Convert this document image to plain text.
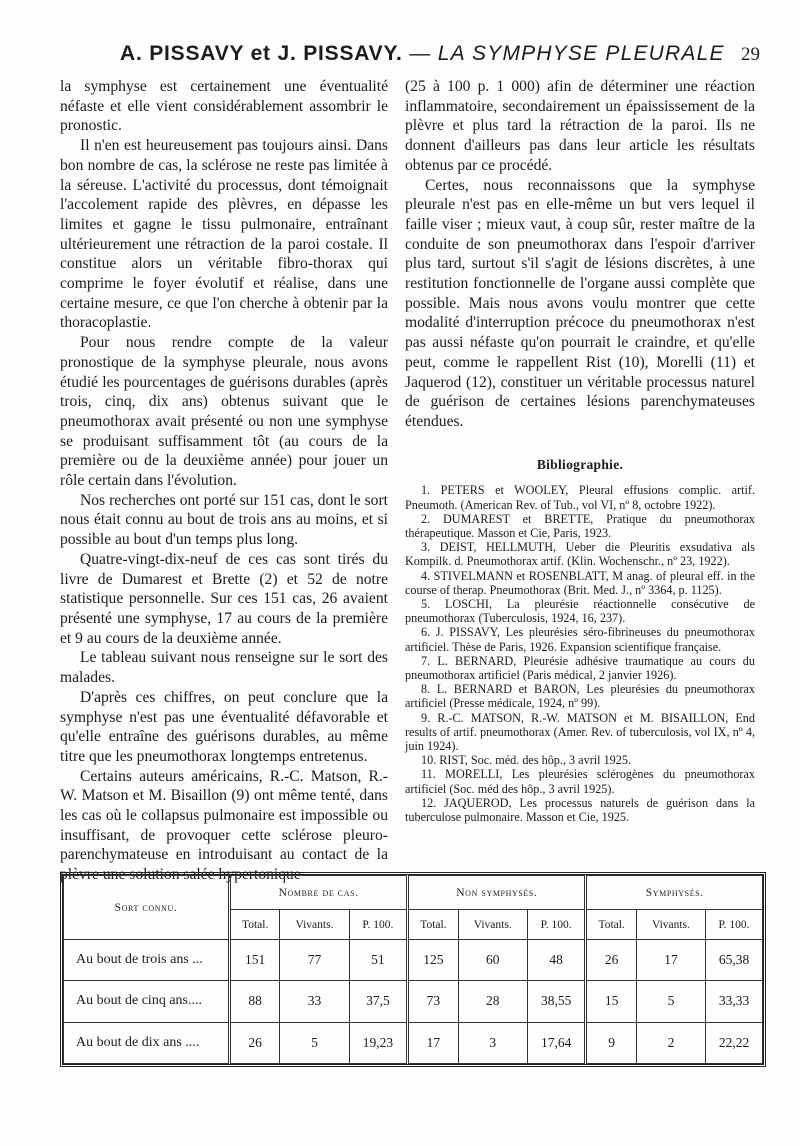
A. PISSAVY et J. PISSAVY. — LA SYMPHYSE PLEURALE 29

la symphyse est certainement une éventualité néfaste et elle vient considérablement assombrir le pronostic.

Il n'en est heureusement pas toujours ainsi. Dans bon nombre de cas, la sclérose ne reste pas limitée à la séreuse. L'activité du processus, dont témoignait l'accolement rapide des plèvres, en dépasse les limites et gagne le tissu pulmonaire, entraînant ultérieurement une rétraction de la paroi costale. Il constitue alors un véritable fibro-thorax qui comprime le foyer évolutif et réalise, dans une certaine mesure, ce que l'on cherche à obtenir par la thoracoplastie.

Pour nous rendre compte de la valeur pronostique de la symphyse pleurale, nous avons étudié les pourcentages de guérisons durables (après trois, cinq, dix ans) obtenus suivant que le pneumothorax avait présenté ou non une symphyse se produisant suffisamment tôt (au cours de la première ou de la deuxième année) pour jouer un rôle certain dans l'évolution.

Nos recherches ont porté sur 151 cas, dont le sort nous était connu au bout de trois ans au moins, et si possible au bout d'un temps plus long.

Quatre-vingt-dix-neuf de ces cas sont tirés du livre de Dumarest et Brette (2) et 52 de notre statistique personnelle. Sur ces 151 cas, 26 avaient présenté une symphyse, 17 au cours de la première et 9 au cours de la deuxième année.

Le tableau suivant nous renseigne sur le sort des malades.

D'après ces chiffres, on peut conclure que la symphyse n'est pas une éventualité défavorable et qu'elle entraîne des guérisons durables, au même titre que les pneumothorax longtemps entretenus.

Certains auteurs américains, R.-C. Matson, R.-W. Matson et M. Bisaillon (9) ont même tenté, dans les cas où le collapsus pulmonaire est impossible ou insuffisant, de provoquer cette sclérose pleuro-parenchymateuse en introduisant au contact de la plèvre une solution salée hypertonique

(25 à 100 p. 1 000) afin de déterminer une réaction inflammatoire, secondairement un épaississement de la plèvre et plus tard la rétraction de la paroi. Ils ne donnent d'ailleurs pas dans leur article les résultats obtenus par ce procédé.

Certes, nous reconnaissons que la symphyse pleurale n'est pas en elle-même un but vers lequel il faille viser ; mieux vaut, à coup sûr, rester maître de la conduite de son pneumothorax dans l'espoir d'arriver plus tard, surtout s'il s'agit de lésions discrètes, à une restitution fonctionnelle de l'organe aussi complète que possible. Mais nous avons voulu montrer que cette modalité d'interruption précoce du pneumothorax n'est pas aussi néfaste qu'on pourrait le craindre, et qu'elle peut, comme le rappellent Rist (10), Morelli (11) et Jaquerod (12), constituer un véritable processus naturel de guérison de certaines lésions parenchymateuses étendues.

Bibliographie.
1. PETERS et WOOLEY, Pleural effusions complic. artif. Pneumoth. (American Rev. of Tub., vol VI, nº 8, octobre 1922).
2. DUMAREST et BRETTE, Pratique du pneumothorax thérapeutique. Masson et Cie, Paris, 1923.
3. DEIST, HELLMUTH, Ueber die Pleuritis exsudativa als Kompilk. d. Pneumothorax artif. (Klin. Wochenschr., nº 23, 1922).
4. STIVELMANN et ROSENBLATT, M anag. of pleural eff. in the course of therap. Pneumothorax (Brit. Med. J., nº 3364, p. 1125).
5. LOSCHI, La pleurésie réactionnelle consécutive de pneumothorax (Tuberculosis, 1924, 16, 237).
6. J. PISSAVY, Les pleurésies séro-fibrineuses du pneumothorax artificiel. Thèse de Paris, 1926. Expansion scientifique française.
7. L. BERNARD, Pleurésie adhésive traumatique au cours du pneumothorax artificiel (Paris médical, 2 janvier 1926).
8. L. BERNARD et BARON, Les pleurésies du pneumothorax artificiel (Presse médicale, 1924, nº 99).
9. R.-C. MATSON, R.-W. MATSON et M. BISAILLON, End results of artif. pneumothorax (Amer. Rev. of tuberculosis, vol IX, nº 4, juin 1924).
10. RIST, Soc. méd. des hôp., 3 avril 1925.
11. MORELLI, Les pleurésies sclérogènes du pneumothorax artificiel (Soc. méd des hôp., 3 avril 1925).
12. JAQUEROD, Les processus naturels de guérison dans la tuberculose pulmonaire. Masson et Cie, 1925.
Sort connu.	Nombre de cas.			Non symphysés.			Symphysés.		
	Total.	Vivants.	P. 100.	Total.	Vivants.	P. 100.	Total.	Vivants.	P. 100.
Au bout de trois ans ...	151	77	51	125	60	48	26	17	65,38
Au bout de cinq ans....	88	33	37,5	73	28	38,55	15	5	33,33
Au bout de dix ans ....	26	5	19,23	17	3	17,64	9	2	22,22
